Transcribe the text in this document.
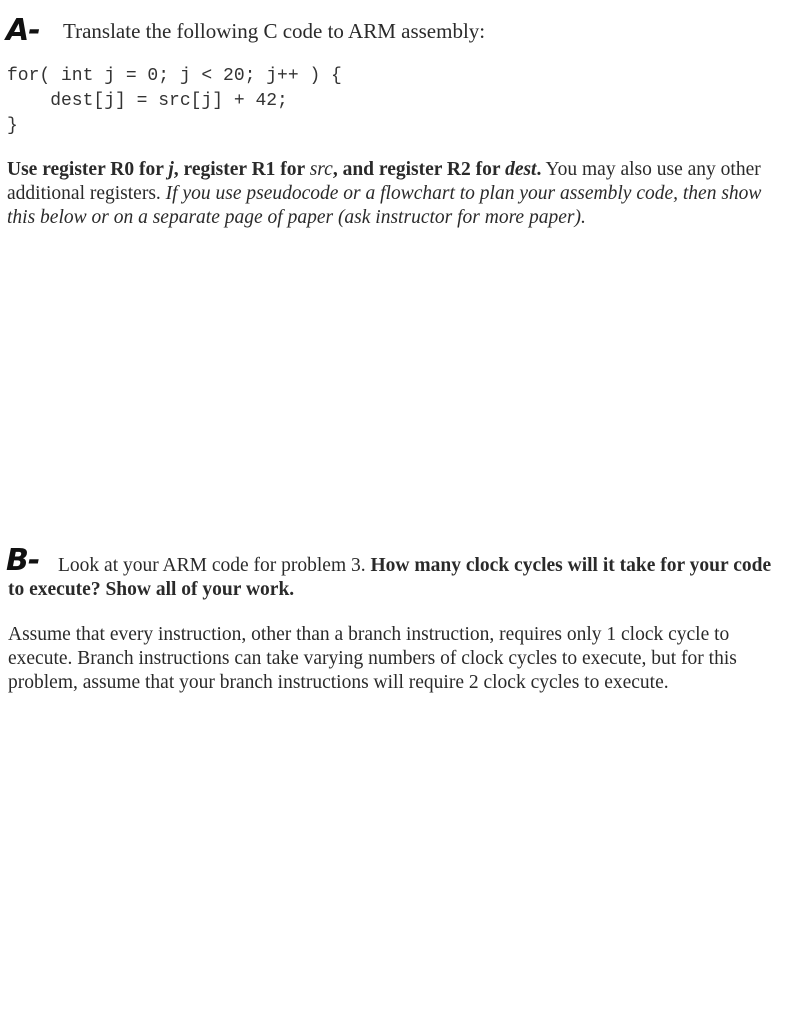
A- Translate the following C code to ARM assembly:
for( int j = 0; j < 20; j++ ) {
dest[j] = src[j] + 42;
}
Use register R0 for j, register R1 for src, and register R2 for dest. You may also use any other additional registers. If you use pseudocode or a flowchart to plan your assembly code, then show this below or on a separate page of paper (ask instructor for more paper).
B- Look at your ARM code for problem 3. How many clock cycles will it take for your code to execute? Show all of your work.
Assume that every instruction, other than a branch instruction, requires only 1 clock cycle to execute. Branch instructions can take varying numbers of clock cycles to execute, but for this problem, assume that your branch instructions will require 2 clock cycles to execute.
